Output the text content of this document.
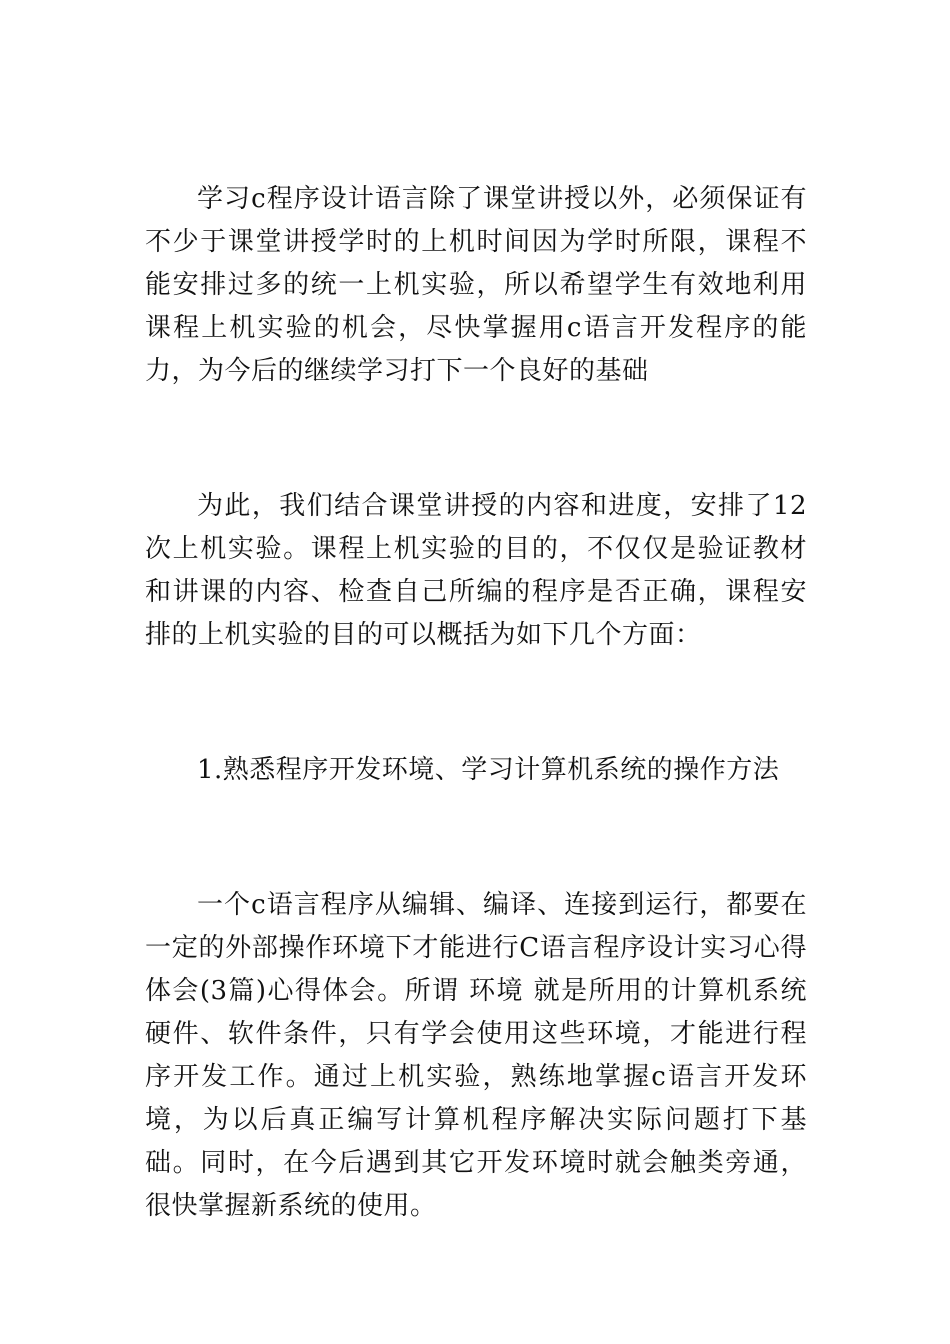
学习c程序设计语言除了课堂讲授以外，必须保证有不少于课堂讲授学时的上机时间因为学时所限，课程不能安排过多的统一上机实验，所以希望学生有效地利用课程上机实验的机会，尽快掌握用c语言开发程序的能力，为今后的继续学习打下一个良好的基础

为此，我们结合课堂讲授的内容和进度，安排了12次上机实验。课程上机实验的目的，不仅仅是验证教材和讲课的内容、检查自己所编的程序是否正确，课程安排的上机实验的目的可以概括为如下几个方面：

1.熟悉程序开发环境、学习计算机系统的操作方法

一个c语言程序从编辑、编译、连接到运行，都要在一定的外部操作环境下才能进行C语言程序设计实习心得体会(3篇)心得体会。所谓 环境 就是所用的计算机系统硬件、软件条件，只有学会使用这些环境，才能进行程序开发工作。通过上机实验，熟练地掌握c语言开发环境，为以后真正编写计算机程序解决实际问题打下基础。同时，在今后遇到其它开发环境时就会触类旁通，很快掌握新系统的使用。
